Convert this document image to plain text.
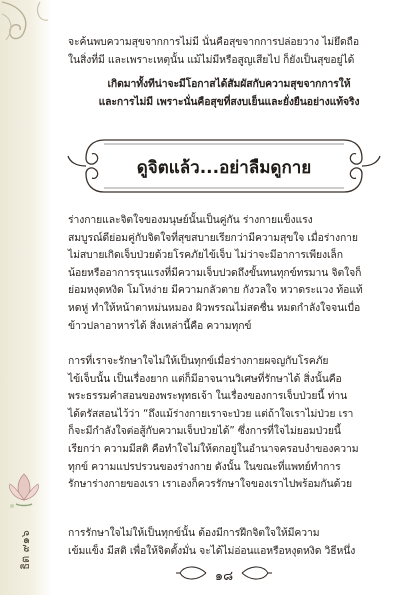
ธิต ๙๑๖
จะค้นพบความสุขจากการไม่มี นั่นคือสุขจากการปล่อยวาง ไม่ยึดถือ
ในสิ่งที่มี และเพราะเหตุนั้น แม้ไม่มีหรือสูญเสียไป ก็ยังเป็นสุขอยู่ได้
เกิดมาทั้งทีน่าจะมีโอกาสได้สัมผัสกับความสุขจากการให้
และการไม่มี เพราะนั่นคือสุขที่สงบเย็นและยั่งยืนอย่างแท้จริง
ดูจิตแล้ว...อย่าลืมดูกาย
ร่างกายและจิตใจของมนุษย์นั้นเป็นคู่กัน ร่างกายแข็งแรง
สมบูรณ์ดีย่อมคู่กับจิตใจที่สุขสบายเรียกว่ามีความสุขใจ เมื่อร่างกาย
ไม่สบายเกิดเจ็บป่วยด้วยโรคภัยไข้เจ็บ ไม่ว่าจะมีอาการเพียงเล็ก
น้อยหรืออาการรุนแรงที่มีความเจ็บปวดถึงขั้นทนทุกข์ทรมาน จิตใจก็
ย่อมหงุดหงิด โมโหง่าย มีความกลัวตาย กังวลใจ หวาดระแวง ท้อแท้
หดหู่ ทำให้หน้าตาหม่นหมอง ผิวพรรณไม่สดชื่น หมดกำลังใจจนเบื่อ
ข้าวปลาอาหารได้ สิ่งเหล่านี้คือ ความทุกข์
การที่เราจะรักษาใจไม่ให้เป็นทุกข์เมื่อร่างกายผจญกับโรคภัย
ไข้เจ็บนั้น เป็นเรื่องยาก แต่ก็มีอาจนานวิเศษที่รักษาได้ สิ่งนั้นคือ
พระธรรมคำสอนของพระพุทธเจ้า ในเรื่องของการเจ็บป่วยนี้ ท่าน
ได้ตรัสสอนไว้ว่า “ถึงแม้ร่างกายเราจะป่วย แต่ถ้าใจเราไม่ป่วย เรา
ก็จะมีกำลังใจต่อสู้กับความเจ็บป่วยได้” ซึ่งการที่ใจไม่ยอมป่วยนี้
เรียกว่า ความมีสติ คือทำใจไม่ให้ตกอยู่ในอำนาจครอบงำของความ
ทุกข์ ความแปรปรวนของร่างกาย ดังนั้น ในขณะที่แพทย์ทำการ
รักษาร่างกายของเรา เราเองก็ควรรักษาใจของเราไปพร้อมกันด้วย
การรักษาใจไม่ให้เป็นทุกข์นั้น ต้องมีการฝึกจิตใจให้มีความ
เข้มแข็ง มีสติ เพื่อให้จิตตั้งมั่น จะได้ไม่อ่อนแอหรือหงุดหงิด วิธีหนึ่ง
๑๘
